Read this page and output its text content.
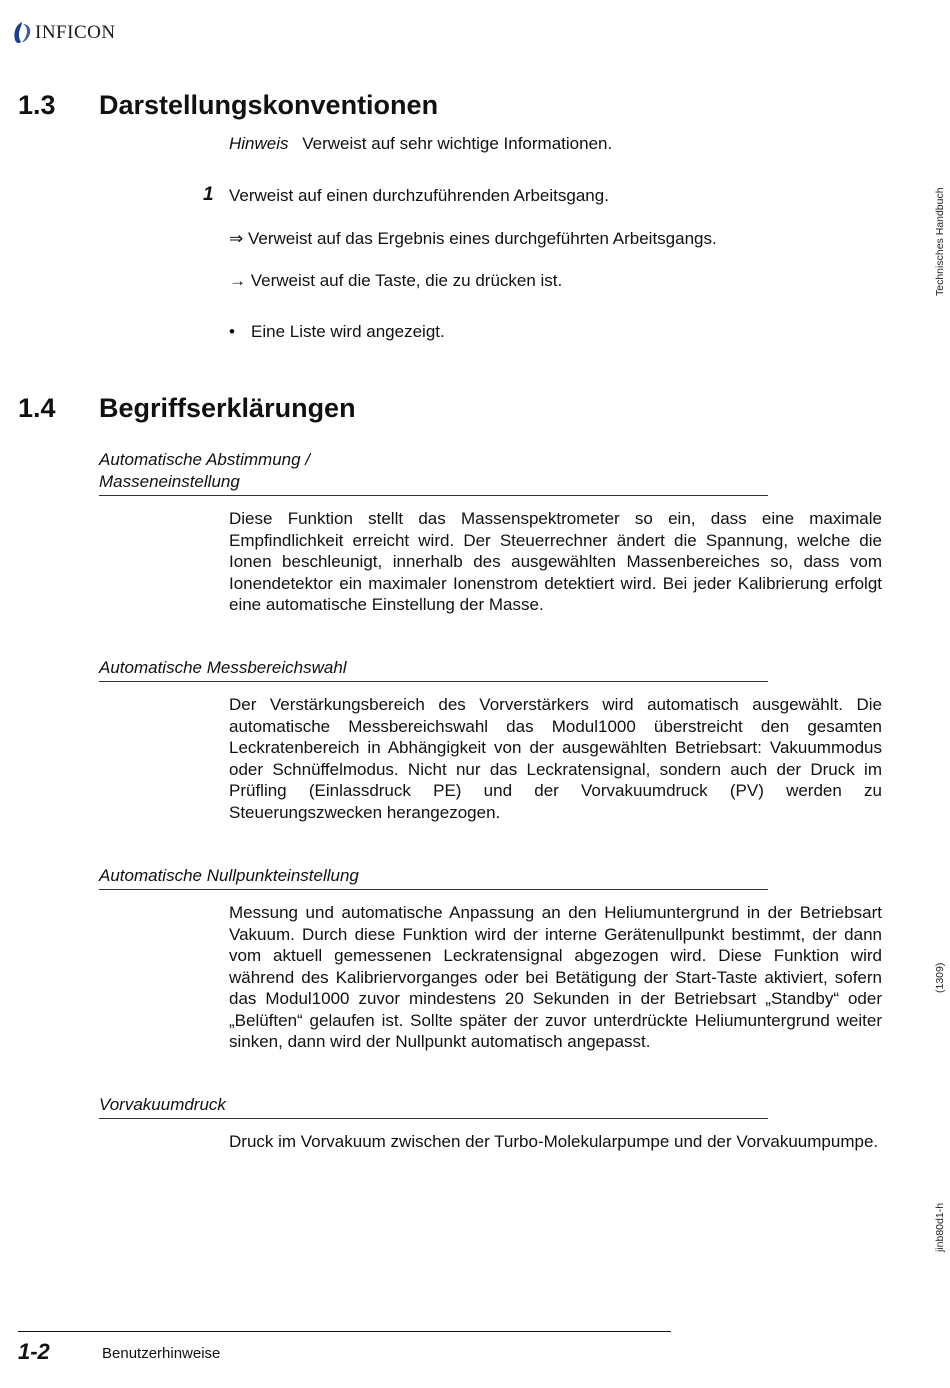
INFICON
1.3 Darstellungskonventionen
Hinweis Verweist auf sehr wichtige Informationen.
1 Verweist auf einen durchzuführenden Arbeitsgang.
⇒ Verweist auf das Ergebnis eines durchgeführten Arbeitsgangs.
→ Verweist auf die Taste, die zu drücken ist.
• Eine Liste wird angezeigt.
1.4 Begriffserklärungen
Automatische Abstimmung /
Masseneinstellung
Diese Funktion stellt das Massenspektrometer so ein, dass eine maximale Empfindlichkeit erreicht wird. Der Steuerrechner ändert die Spannung, welche die Ionen beschleunigt, innerhalb des ausgewählten Massenbereiches so, dass vom Ionendetektor ein maximaler Ionenstrom detektiert wird. Bei jeder Kalibrierung erfolgt eine automatische Einstellung der Masse.
Automatische Messbereichswahl
Der Verstärkungsbereich des Vorverstärkers wird automatisch ausgewählt. Die automatische Messbereichswahl das Modul1000 überstreicht den gesamten Leckratenbereich in Abhängigkeit von der ausgewählten Betriebsart: Vakuummodus oder Schnüffelmodus. Nicht nur das Leckratensignal, sondern auch der Druck im Prüfling (Einlassdruck PE) und der Vorvakuumdruck (PV) werden zu Steuerungszwecken herangezogen.
Automatische Nullpunkteinstellung
Messung und automatische Anpassung an den Heliumuntergrund in der Betriebsart Vakuum. Durch diese Funktion wird der interne Gerätenullpunkt bestimmt, der dann vom aktuell gemessenen Leckratensignal abgezogen wird. Diese Funktion wird während des Kalibriervorganges oder bei Betätigung der Start-Taste aktiviert, sofern das Modul1000 zuvor mindestens 20 Sekunden in der Betriebsart „Standby“ oder „Belüften“ gelaufen ist. Sollte später der zuvor unterdrückte Heliumuntergrund weiter sinken, dann wird der Nullpunkt automatisch angepasst.
Vorvakuumdruck
Druck im Vorvakuum zwischen der Turbo-Molekularpumpe und der Vorvakuumpumpe.
Technisches Handbuch
(1309)
jinb80d1-h
1-2	Benutzerhinweise
